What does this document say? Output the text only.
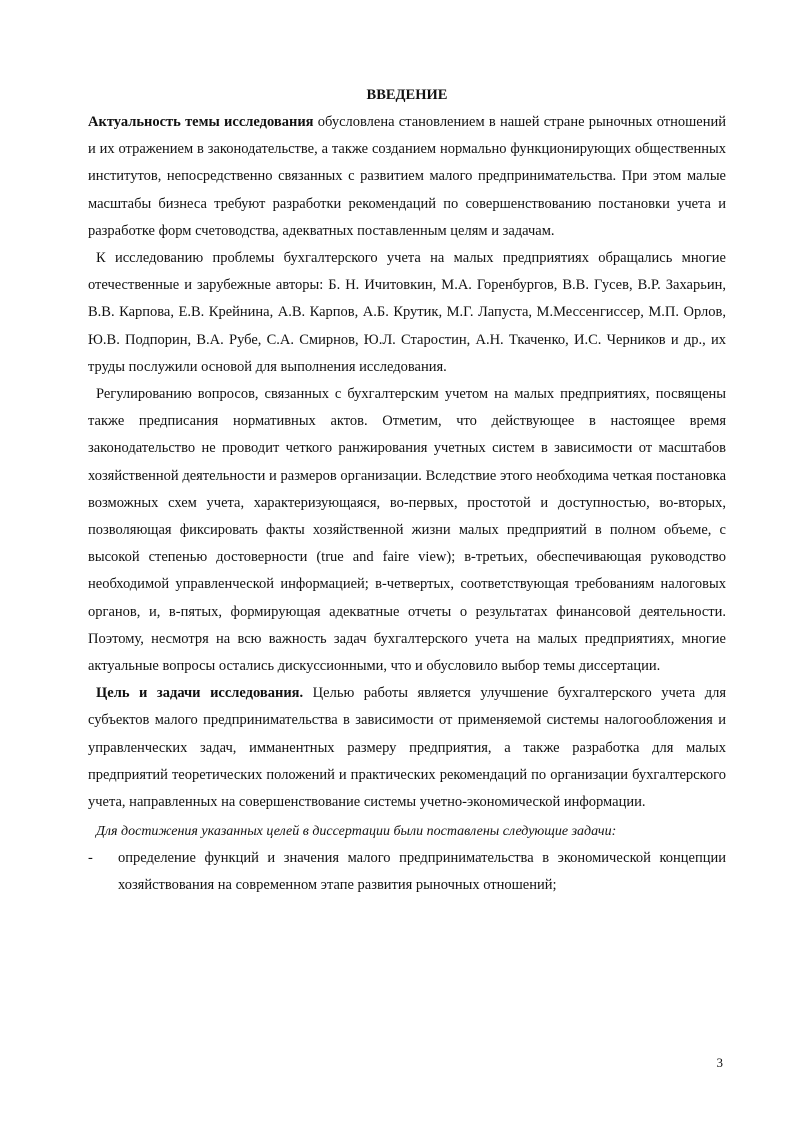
ВВЕДЕНИЕ

Актуальность темы исследования обусловлена становлением в нашей стране рыночных отношений и их отражением в законодательстве, а также созданием нормально функционирующих общественных институтов, непосредственно связанных с развитием малого предпринимательства. При этом малые масштабы бизнеса требуют разработки рекомендаций по совершенствованию постановки учета и разработке форм счетоводства, адекватных поставленным целям и задачам.

К исследованию проблемы бухгалтерского учета на малых предприятиях обращались многие отечественные и зарубежные авторы: Б. Н. Ичитовкин, М.А. Горенбургов, В.В. Гусев, В.Р. Захарьин, В.В. Карпова, Е.В. Крейнина, А.В. Карпов, А.Б. Крутик, М.Г. Лапуста, М.Мессенгиссер, М.П. Орлов, Ю.В. Подпорин, В.А. Рубе, С.А. Смирнов, Ю.Л. Старостин, А.Н. Ткаченко, И.С. Черников и др., их труды послужили основой для выполнения исследования.

Регулированию вопросов, связанных с бухгалтерским учетом на малых предприятиях, посвящены также предписания нормативных актов. Отметим, что действующее в настоящее время законодательство не проводит четкого ранжирования учетных систем в зависимости от масштабов хозяйственной деятельности и размеров организации. Вследствие этого необходима четкая постановка возможных схем учета, характеризующаяся, во-первых, простотой и доступностью, во-вторых, позволяющая фиксировать факты хозяйственной жизни малых предприятий в полном объеме, с высокой степенью достоверности (true and faire view); в-третьих, обеспечивающая руководство необходимой управленческой информацией; в-четвертых, соответствующая требованиям налоговых органов, и, в-пятых, формирующая адекватные отчеты о результатах финансовой деятельности. Поэтому, несмотря на всю важность задач бухгалтерского учета на малых предприятиях, многие актуальные вопросы остались дискуссионными, что и обусловило выбор темы диссертации.

Цель и задачи исследования. Целью работы является улучшение бухгалтерского учета для субъектов малого предпринимательства в зависимости от применяемой системы налогообложения и управленческих задач, имманентных размеру предприятия, а также разработка для малых предприятий теоретических положений и практических рекомендаций по организации бухгалтерского учета, направленных на совершенствование системы учетно-экономической информации.

Для достижения указанных целей в диссертации были поставлены следующие задачи:

- определение функций и значения малого предпринимательства в экономической концепции хозяйствования на современном этапе развития рыночных отношений;
3
